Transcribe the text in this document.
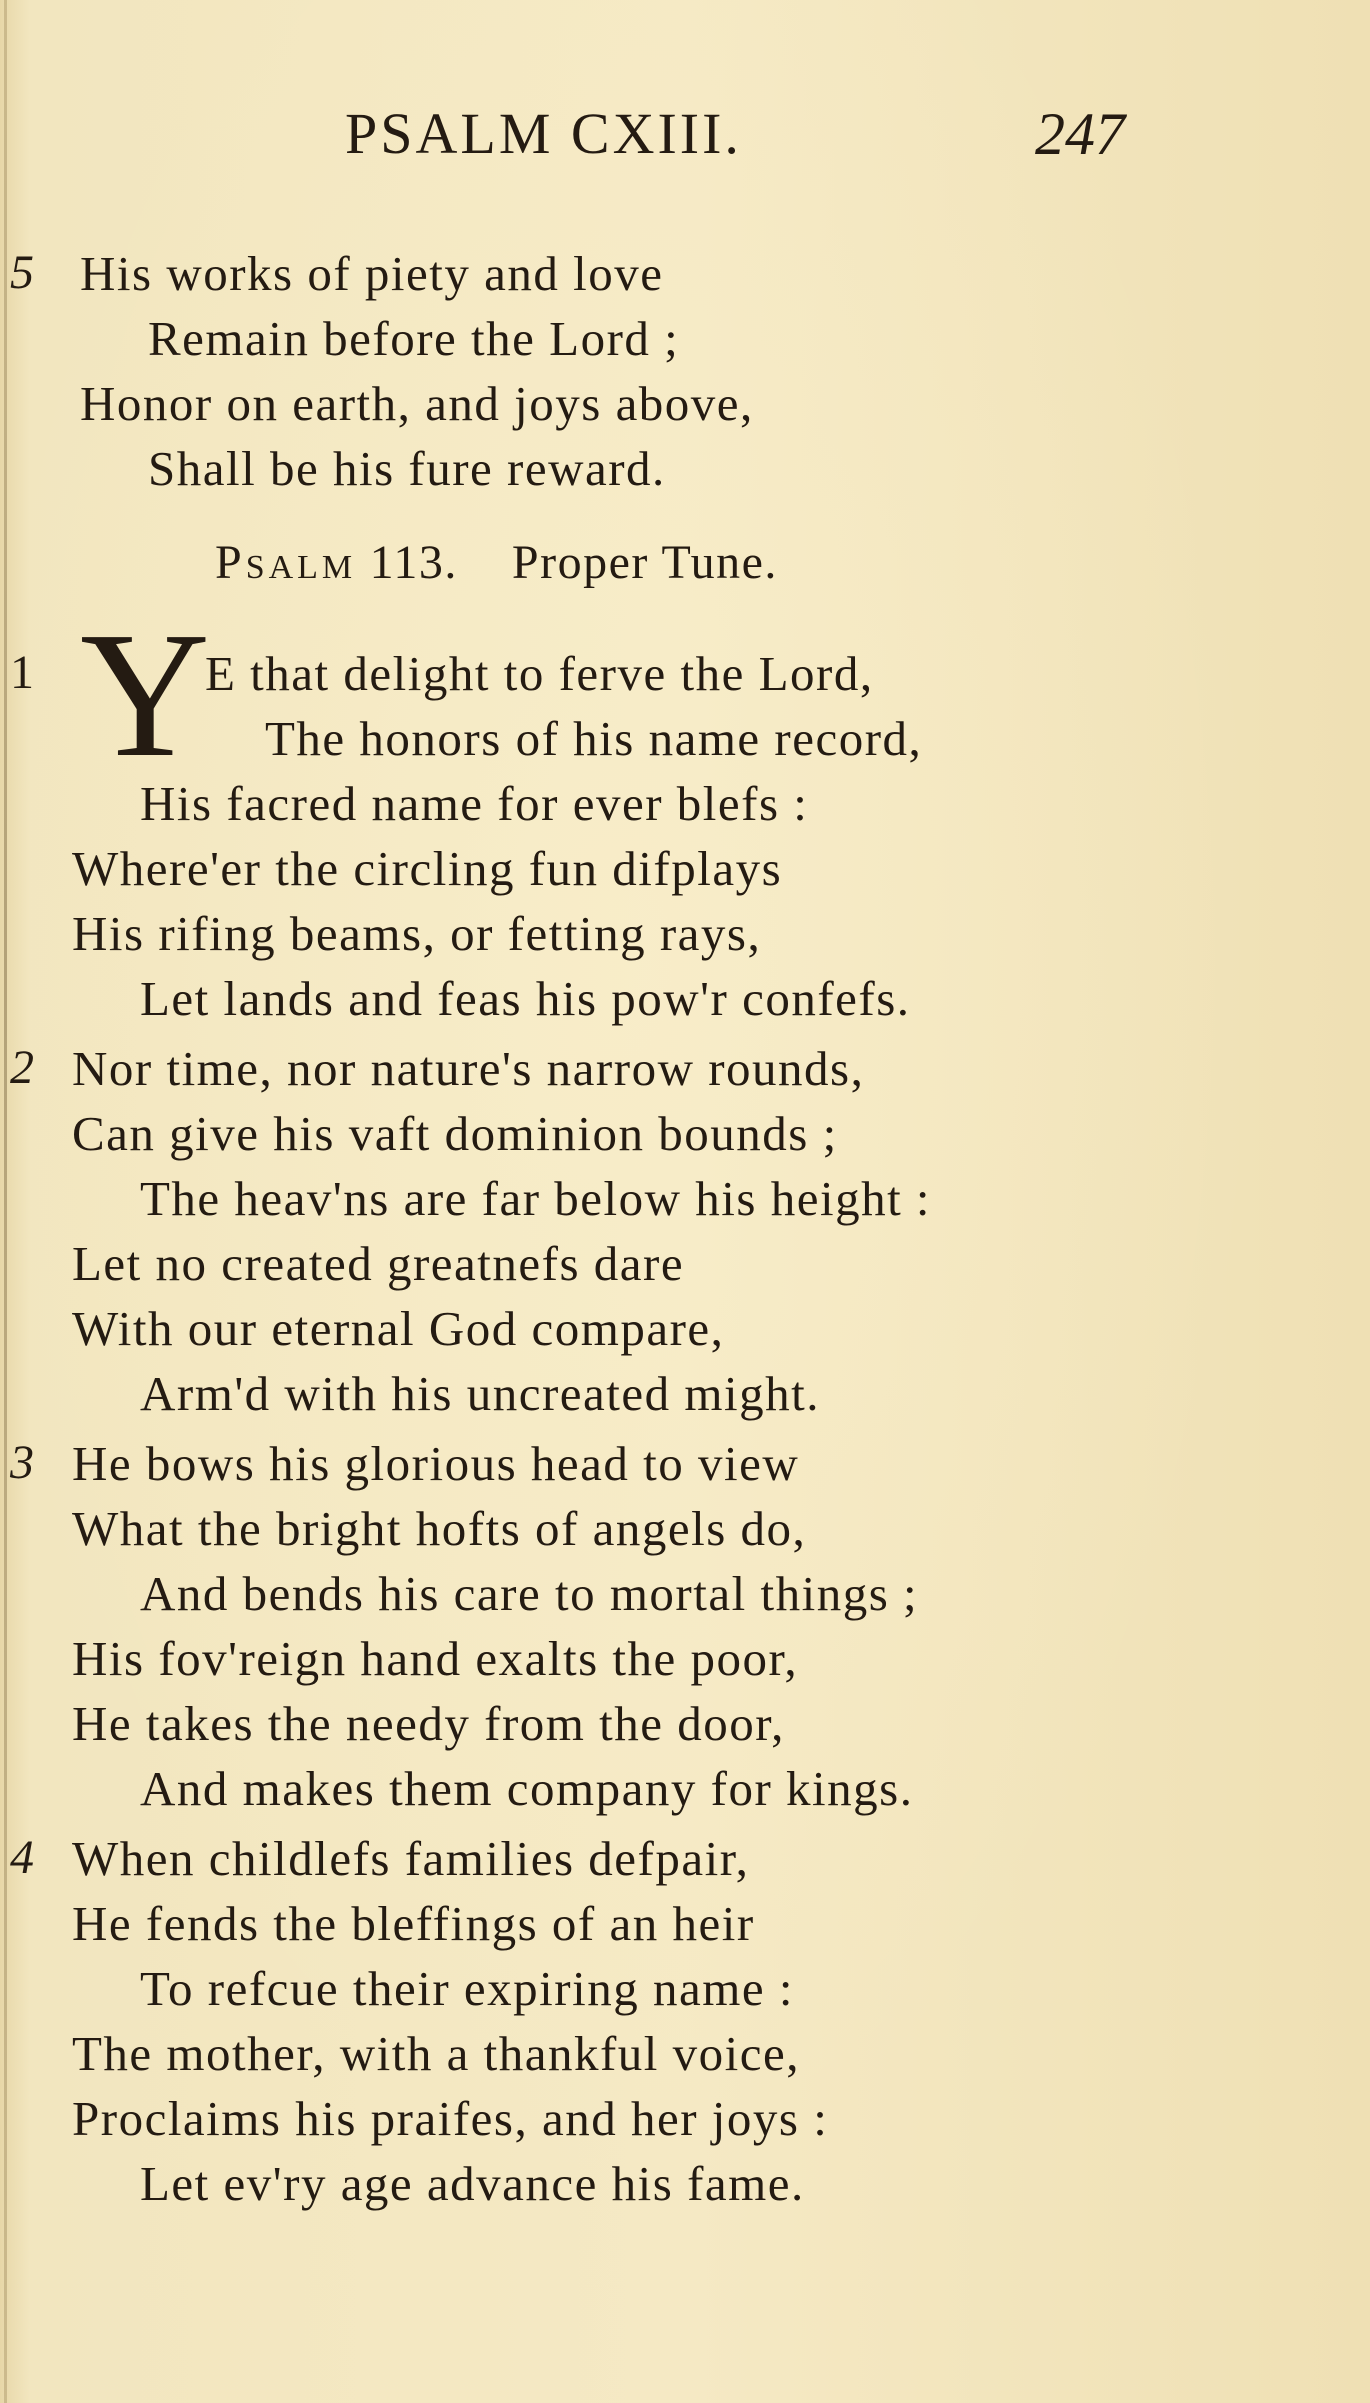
PSALM CXIII.	247
5 His works of piety and love
Remain before the Lord ;
Honor on earth, and joys above,
Shall be his fure reward.
Psalm 113. Proper Tune.
1 Y
E that delight to ferve the Lord,
The honors of his name record,
His facred name for ever blefs :
Where'er the circling fun difplays
His rifing beams, or fetting rays,
Let lands and feas his pow'r confefs.
2 Nor time, nor nature's narrow rounds,
Can give his vaft dominion bounds ;
The heav'ns are far below his height :
Let no created greatnefs dare
With our eternal God compare,
Arm'd with his uncreated might.
3 He bows his glorious head to view
What the bright hofts of angels do,
And bends his care to mortal things ;
His fov'reign hand exalts the poor,
He takes the needy from the door,
And makes them company for kings.
4 When childlefs families defpair,
He fends the bleffings of an heir
To refcue their expiring name :
The mother, with a thankful voice,
Proclaims his praifes, and her joys :
Let ev'ry age advance his fame.
